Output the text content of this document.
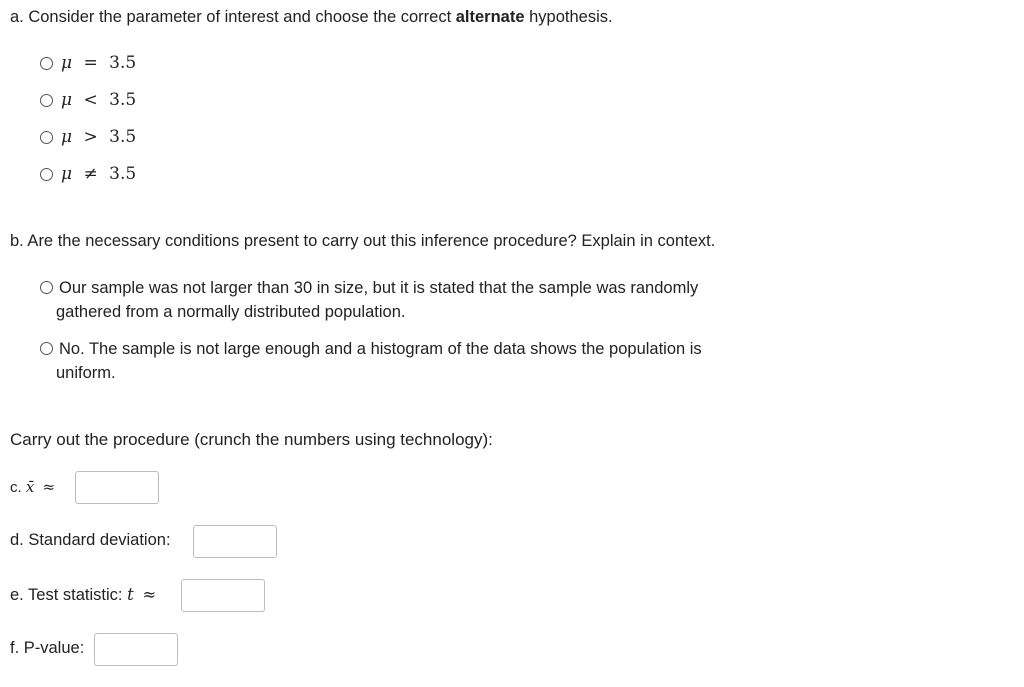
a. Consider the parameter of interest and choose the correct alternate hypothesis.
μ = 3.5
μ < 3.5
μ > 3.5
μ ≠ 3.5
b. Are the necessary conditions present to carry out this inference procedure? Explain in context.
Our sample was not larger than 30 in size, but it is stated that the sample was randomly
gathered from a normally distributed population.
No. The sample is not large enough and a histogram of the data shows the population is
uniform.
Carry out the procedure (crunch the numbers using technology):
c. x̄ ≈
d. Standard deviation:
e. Test statistic: t ≈
f. P-value:
